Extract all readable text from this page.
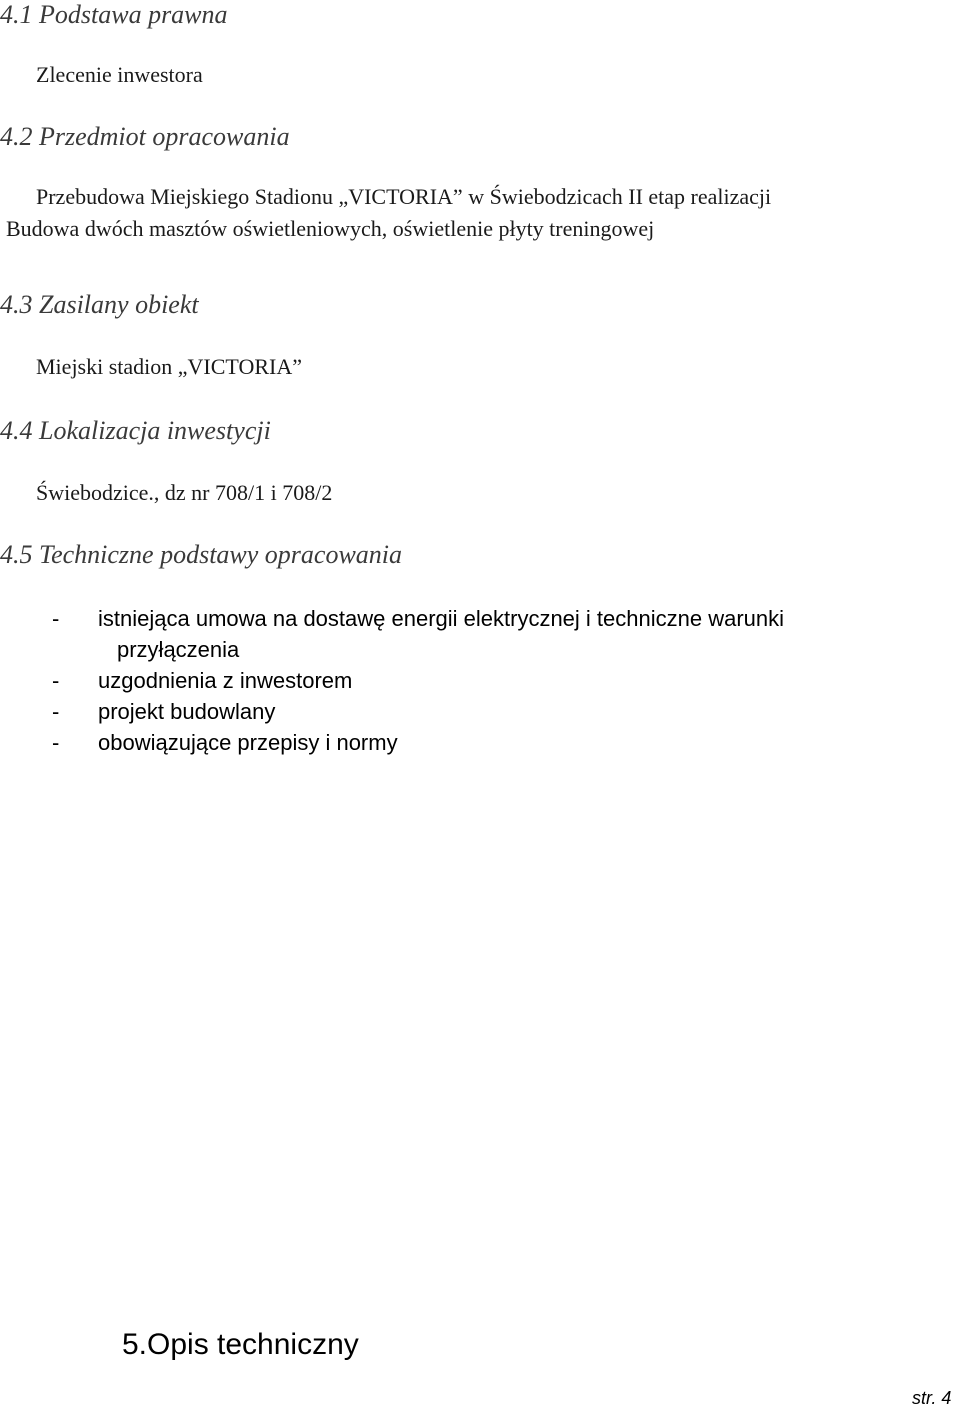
4.1 Podstawa prawna
Zlecenie inwestora
4.2 Przedmiot opracowania
Przebudowa Miejskiego Stadionu „VICTORIA” w Świebodzicach II etap realizacji
Budowa dwóch masztów oświetleniowych, oświetlenie płyty treningowej
4.3 Zasilany obiekt
Miejski stadion „VICTORIA”
4.4 Lokalizacja inwestycji
Świebodzice., dz nr 708/1 i 708/2
4.5 Techniczne podstawy opracowania
- istniejąca umowa na dostawę energii elektrycznej i techniczne warunki
przyłączenia
- uzgodnienia z inwestorem
- projekt budowlany
- obowiązujące przepisy i normy
5.Opis techniczny
str. 4
